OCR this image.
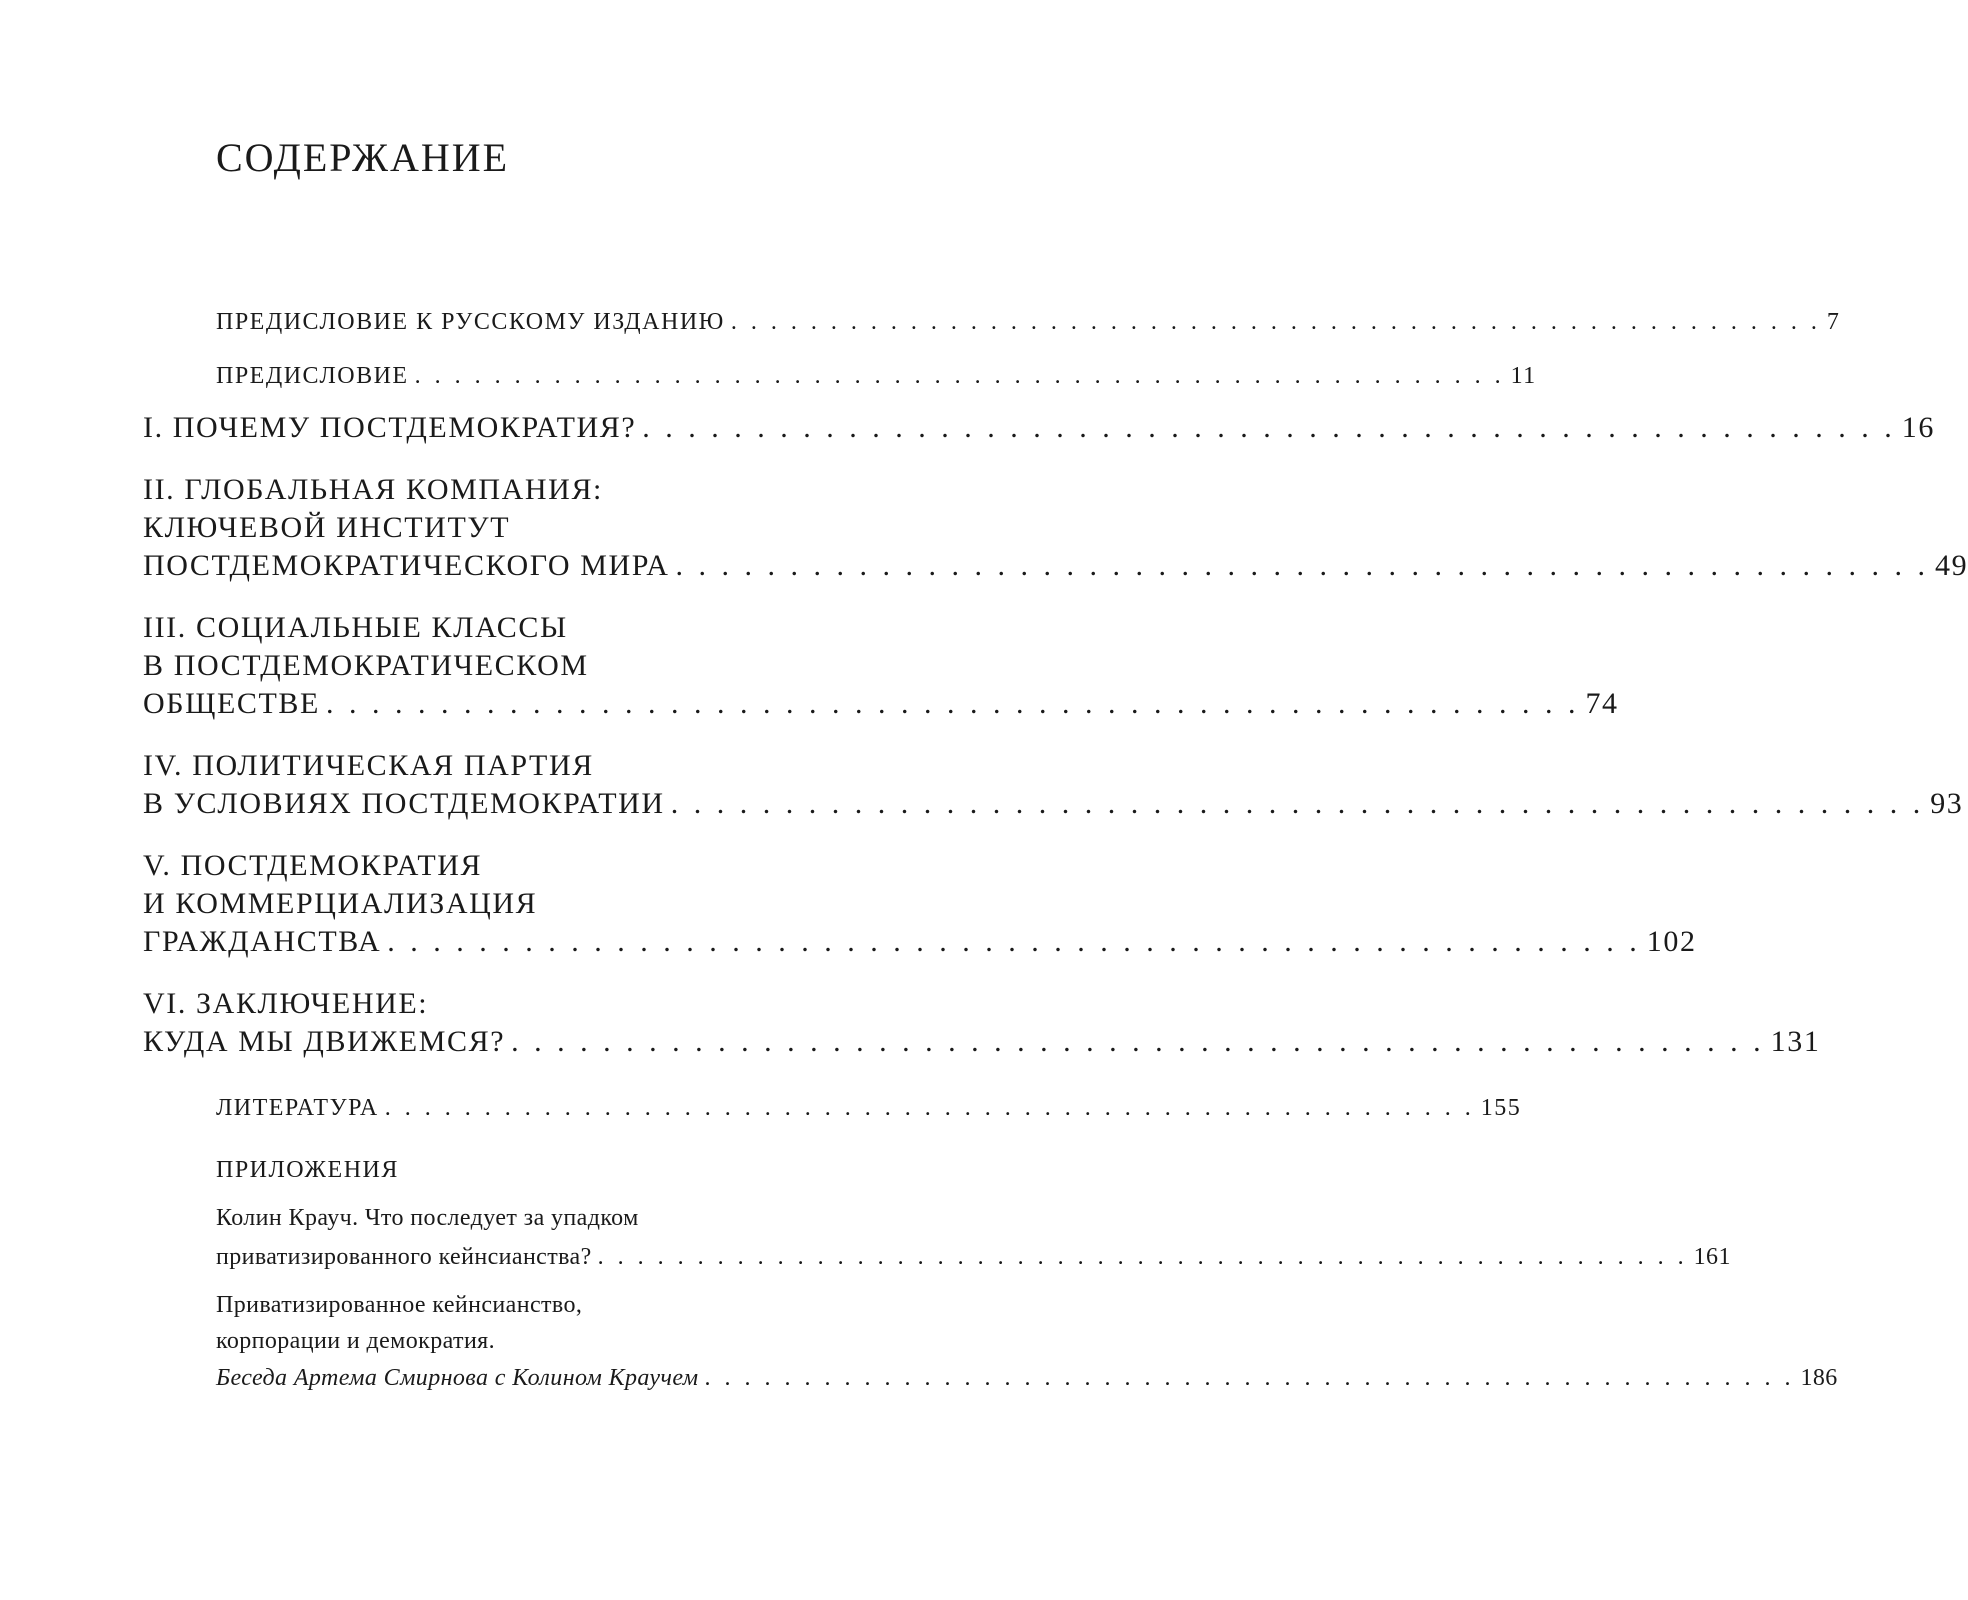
СОДЕРЖАНИЕ
ПРЕДИСЛОВИЕ К РУССКОМУ ИЗДАНИЮ . . . . . . . . . . . . . . . . . . . . . . . . . . . . . . . . . . . . . . . . . . . . . . . . . . . . . . . 7
ПРЕДИСЛОВИЕ . . . . . . . . . . . . . . . . . . . . . . . . . . . . . . . . . . . . . . . . . . . . . . . . . . . . . . . 11
I. ПОЧЕМУ ПОСТДЕМОКРАТИЯ? . . . . . . . . . . . . . . . . . . . . . . . . . . . . . . . . . . . . . . . . . . . . . . . . . . . . . . . 16
II. ГЛОБАЛЬНАЯ КОМПАНИЯ:
КЛЮЧЕВОЙ ИНСТИТУТ
ПОСТДЕМОКРАТИЧЕСКОГО МИРА . . . . . . . . . . . . . . . . . . . . . . . . . . . . . . . . . . . . . . . . . . . . . . . . . . . . . . . 49
III. СОЦИАЛЬНЫЕ КЛАССЫ
В ПОСТДЕМОКРАТИЧЕСКОМ
ОБЩЕСТВЕ . . . . . . . . . . . . . . . . . . . . . . . . . . . . . . . . . . . . . . . . . . . . . . . . . . . . . . . 74
IV. ПОЛИТИЧЕСКАЯ ПАРТИЯ
В УСЛОВИЯХ ПОСТДЕМОКРАТИИ . . . . . . . . . . . . . . . . . . . . . . . . . . . . . . . . . . . . . . . . . . . . . . . . . . . . . . . 93
V. ПОСТДЕМОКРАТИЯ
И КОММЕРЦИАЛИЗАЦИЯ
ГРАЖДАНСТВА . . . . . . . . . . . . . . . . . . . . . . . . . . . . . . . . . . . . . . . . . . . . . . . . . . . . . . . 102
VI. ЗАКЛЮЧЕНИЕ:
КУДА МЫ ДВИЖЕМСЯ? . . . . . . . . . . . . . . . . . . . . . . . . . . . . . . . . . . . . . . . . . . . . . . . . . . . . . . . 131
ЛИТЕРАТУРА . . . . . . . . . . . . . . . . . . . . . . . . . . . . . . . . . . . . . . . . . . . . . . . . . . . . . . . 155
ПРИЛОЖЕНИЯ
Колин Крауч. Что последует за упадком
приватизированного кейнсианства? . . . . . . . . . . . . . . . . . . . . . . . . . . . . . . . . . . . . . . . . . . . . . . . . . . . . . . . 161
Приватизированное кейнсианство,
корпорации и демократия.
Беседа Артема Смирнова с Колином Краучем . . . . . . . . . . . . . . . . . . . . . . . . . . . . . . . . . . . . . . . . . . . . . . . . . . . . . . . 186
